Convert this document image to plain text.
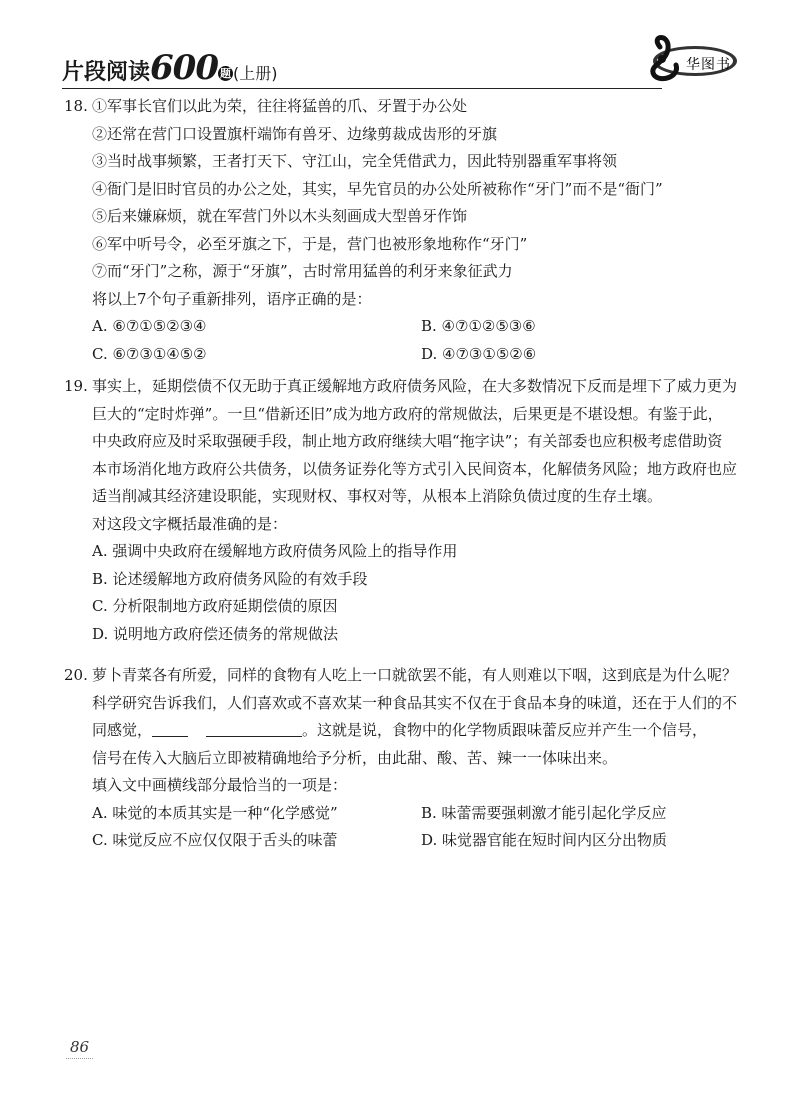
片段阅读600 题 (上册)	华图书
18. ①军事长官们以此为荣，往往将猛兽的爪、牙置于办公处
②还常在营门口设置旗杆端饰有兽牙、边缘剪裁成齿形的牙旗
③当时战事频繁，王者打天下、守江山，完全凭借武力，因此特别器重军事将领
④衙门是旧时官员的办公之处，其实，早先官员的办公处所被称作“牙门”而不是“衙门”
⑤后来嫌麻烦，就在军营门外以木头刻画成大型兽牙作饰
⑥军中听号令，必至牙旗之下，于是，营门也被形象地称作“牙门”
⑦而“牙门”之称，源于“牙旗”，古时常用猛兽的利牙来象征武力
将以上7个句子重新排列，语序正确的是：
A. ⑥⑦①⑤②③④	B. ④⑦①②⑤③⑥
C. ⑥⑦③①④⑤②	D. ④⑦③①⑤②⑥
19. 事实上，延期偿债不仅无助于真正缓解地方政府债务风险，在大多数情况下反而是埋下了威力更为
巨大的“定时炸弹”。一旦“借新还旧”成为地方政府的常规做法，后果更是不堪设想。有鉴于此，
中央政府应及时采取强硬手段，制止地方政府继续大唱“拖字诀”；有关部委也应积极考虑借助资
本市场消化地方政府公共债务，以债务证券化等方式引入民间资本，化解债务风险；地方政府也应
适当削减其经济建设职能，实现财权、事权对等，从根本上消除负债过度的生存土壤。
对这段文字概括最准确的是：
A. 强调中央政府在缓解地方政府债务风险上的指导作用
B. 论述缓解地方政府债务风险的有效手段
C. 分析限制地方政府延期偿债的原因
D. 说明地方政府偿还债务的常规做法
20. 萝卜青菜各有所爱，同样的食物有人吃上一口就欲罢不能，有人则难以下咽，这到底是为什么呢？
科学研究告诉我们，人们喜欢或不喜欢某一种食品其实不仅在于食品本身的味道，还在于人们的不
同感觉，	。这就是说，食物中的化学物质跟味蕾反应并产生一个信号，
信号在传入大脑后立即被精确地给予分析，由此甜、酸、苦、辣一一体味出来。
填入文中画横线部分最恰当的一项是：
A. 味觉的本质其实是一种“化学感觉”	B. 味蕾需要强刺激才能引起化学反应
C. 味觉反应不应仅仅限于舌头的味蕾	D. 味觉器官能在短时间内区分出物质
86
